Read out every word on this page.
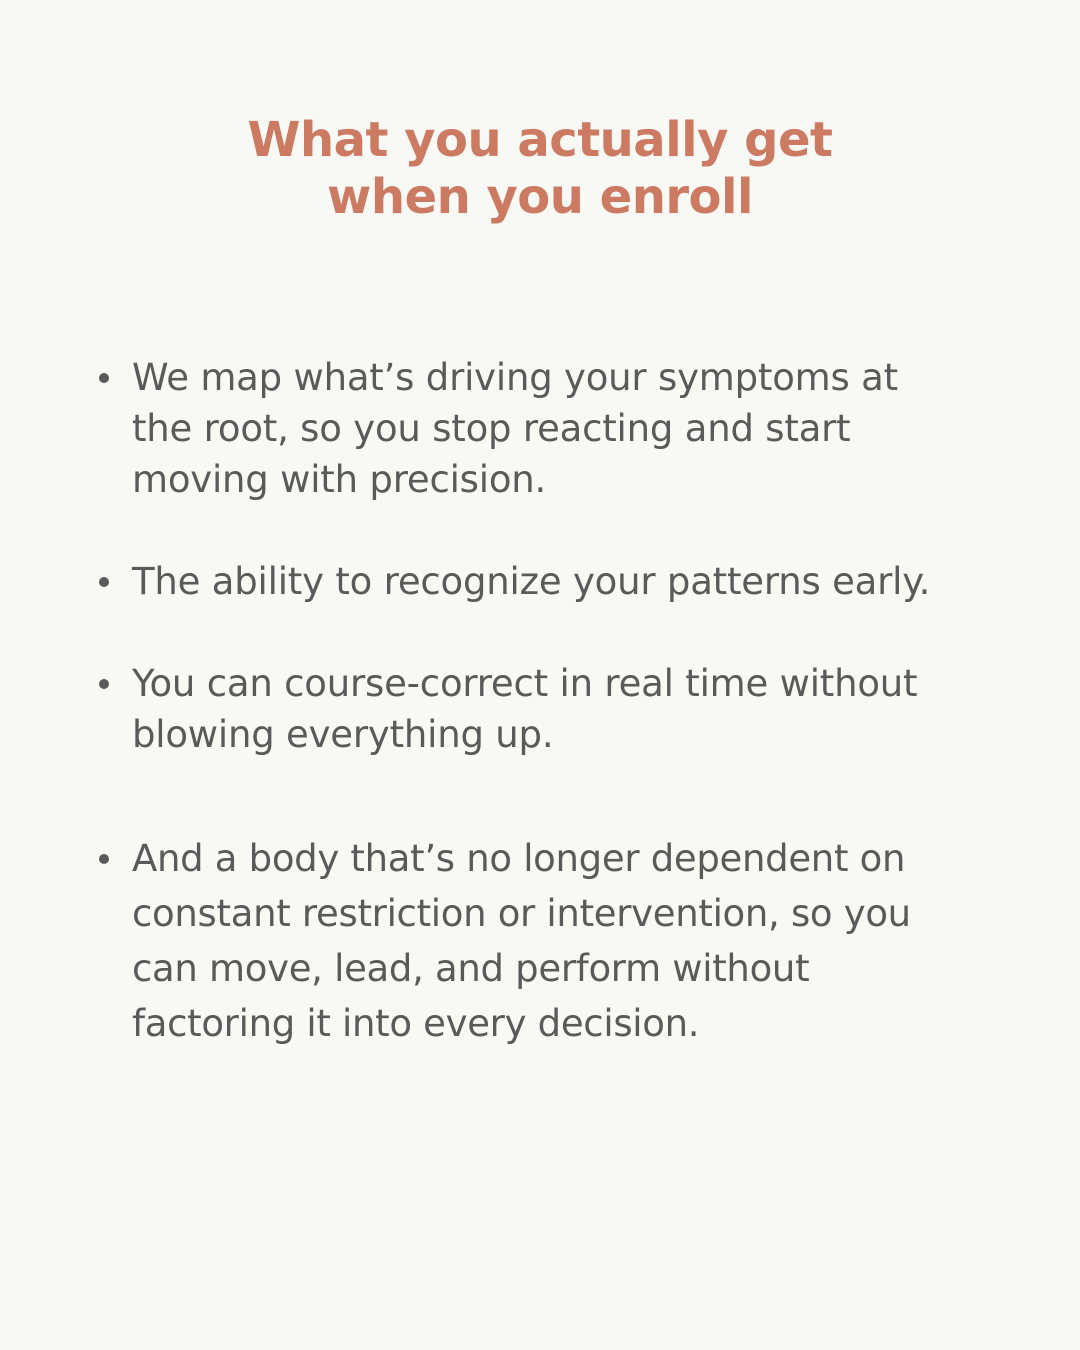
What you actually get
when you enroll
We map what’s driving your symptoms at
the root, so you stop reacting and start
moving with precision.
The ability to recognize your patterns early.
You can course-correct in real time without
blowing everything up.
And a body that’s no longer dependent on
constant restriction or intervention, so you
can move, lead, and perform without
factoring it into every decision.
